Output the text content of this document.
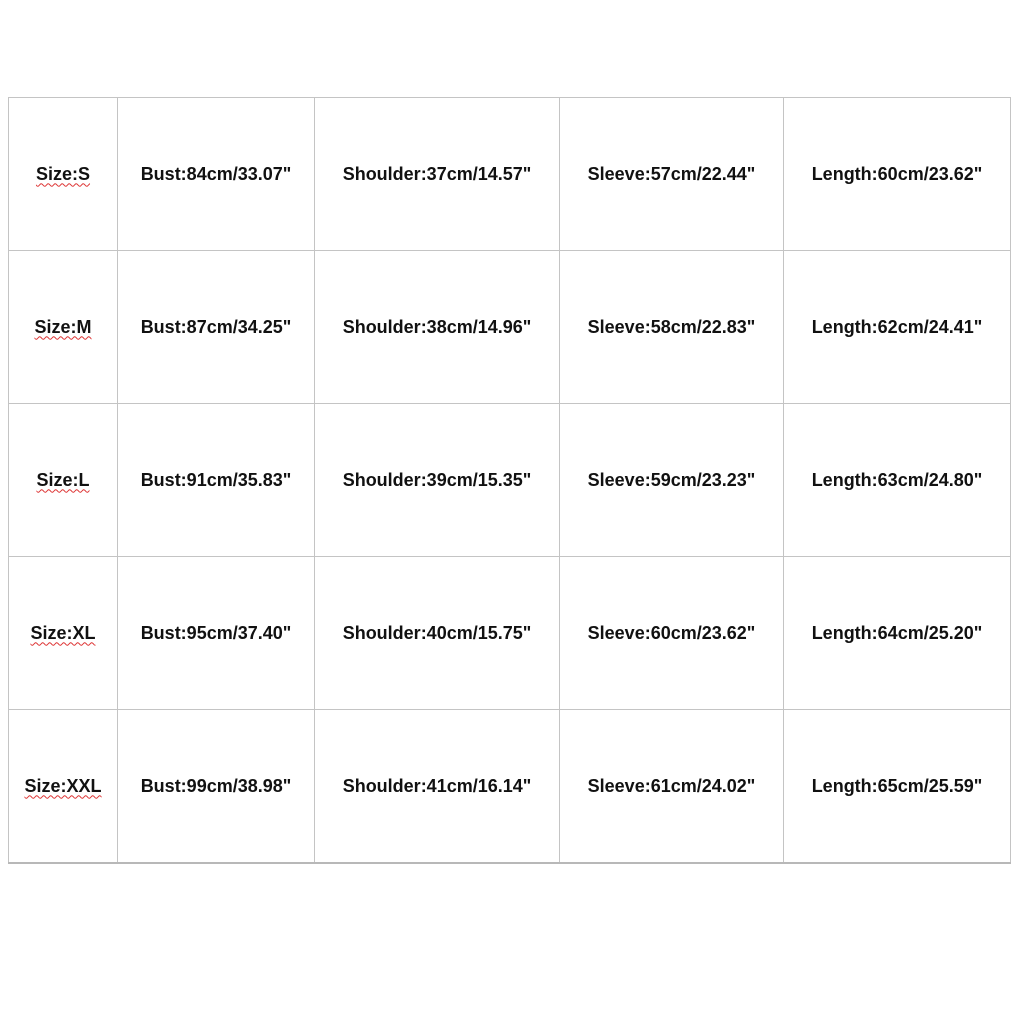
Size:S	Bust:84cm/33.07"	Shoulder:37cm/14.57"	Sleeve:57cm/22.44"	Length:60cm/23.62"
Size:M	Bust:87cm/34.25"	Shoulder:38cm/14.96"	Sleeve:58cm/22.83"	Length:62cm/24.41"
Size:L	Bust:91cm/35.83"	Shoulder:39cm/15.35"	Sleeve:59cm/23.23"	Length:63cm/24.80"
Size:XL	Bust:95cm/37.40"	Shoulder:40cm/15.75"	Sleeve:60cm/23.62"	Length:64cm/25.20"
Size:XXL	Bust:99cm/38.98"	Shoulder:41cm/16.14"	Sleeve:61cm/24.02"	Length:65cm/25.59"
